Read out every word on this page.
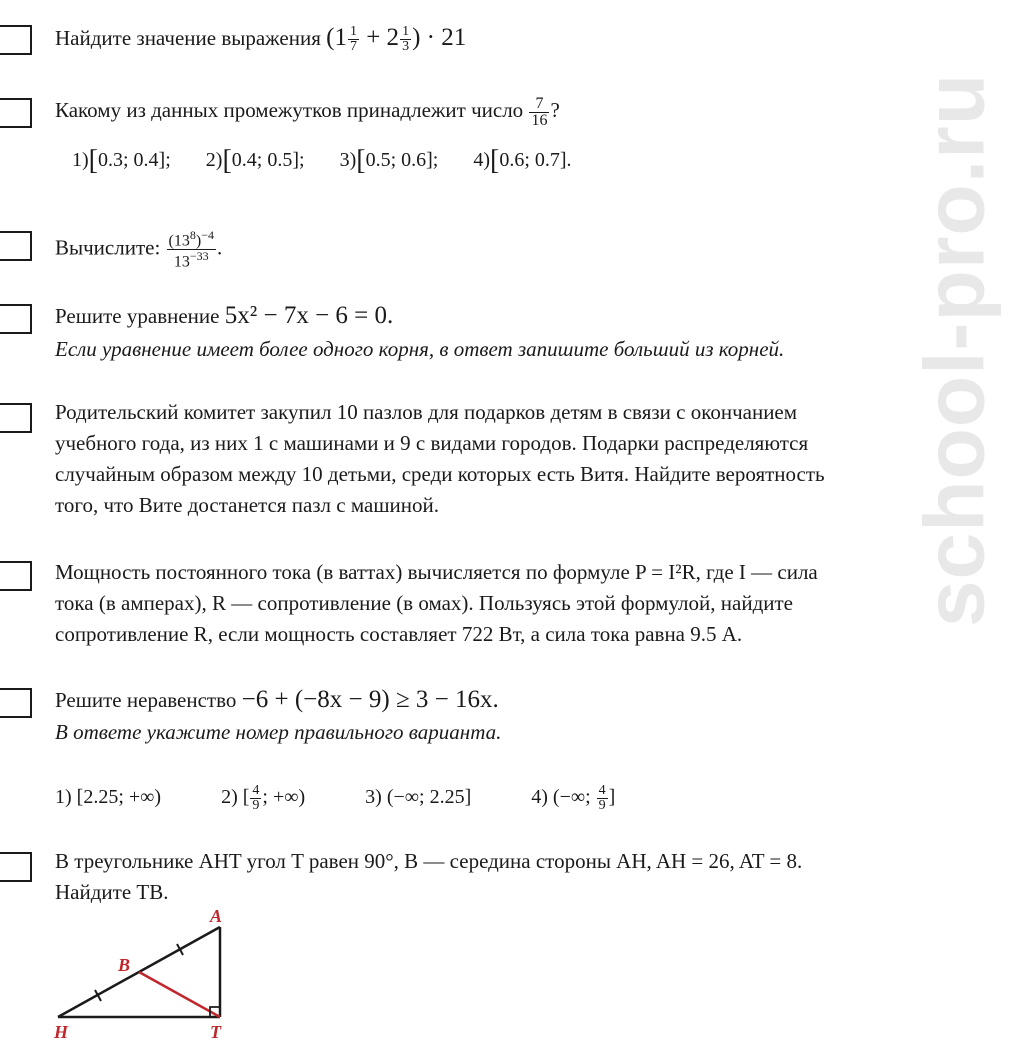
school-pro.ru
Найдите значение выражения ($1 \frac{1}{7} + 2 \frac{1}{3}$ ) · 21
Какому из данных промежутков принадлежит число $\frac{7}{16}$ ?
1)[0.3; 0.4]; 2)[0.4; 0.5]; 3)[0.5; 0.6]; 4)[0.6; 0.7].
Вычислите: $\frac{(13^8)^{-4}}{13^{-33}}$ .
Решите уравнение 5x² − 7x − 6 = 0.
Если уравнение имеет более одного корня, в ответ запишите больший из корней.
Родительский комитет закупил 10 пазлов для подарков детям в связи с окончанием
учебного года, из них 1 с машинами и 9 с видами городов. Подарки распределяются
случайным образом между 10 детьми, среди которых есть Витя. Найдите вероятность
того, что Вите достанется пазл с машиной.
Мощность постоянного тока (в ваттах) вычисляется по формуле P = I²R, где I — сила
тока (в амперах), R — сопротивление (в омах). Пользуясь этой формулой, найдите
сопротивление R, если мощность составляет 722 Вт, а сила тока равна 9.5 А.
Решите неравенство −6 + (−8x − 9) ≥ 3 − 16x.
В ответе укажите номер правильного варианта.
1) [2.25; +∞)	2) [ $\frac{4}{9}$ ; +∞)	3) (−∞; 2.25]	4) (−∞; $\frac{4}{9}$ ]
В треугольнике AHT угол T равен 90°, B — середина стороны AH, AH = 26, AT = 8.
Найдите TB.
A
B
H	T
